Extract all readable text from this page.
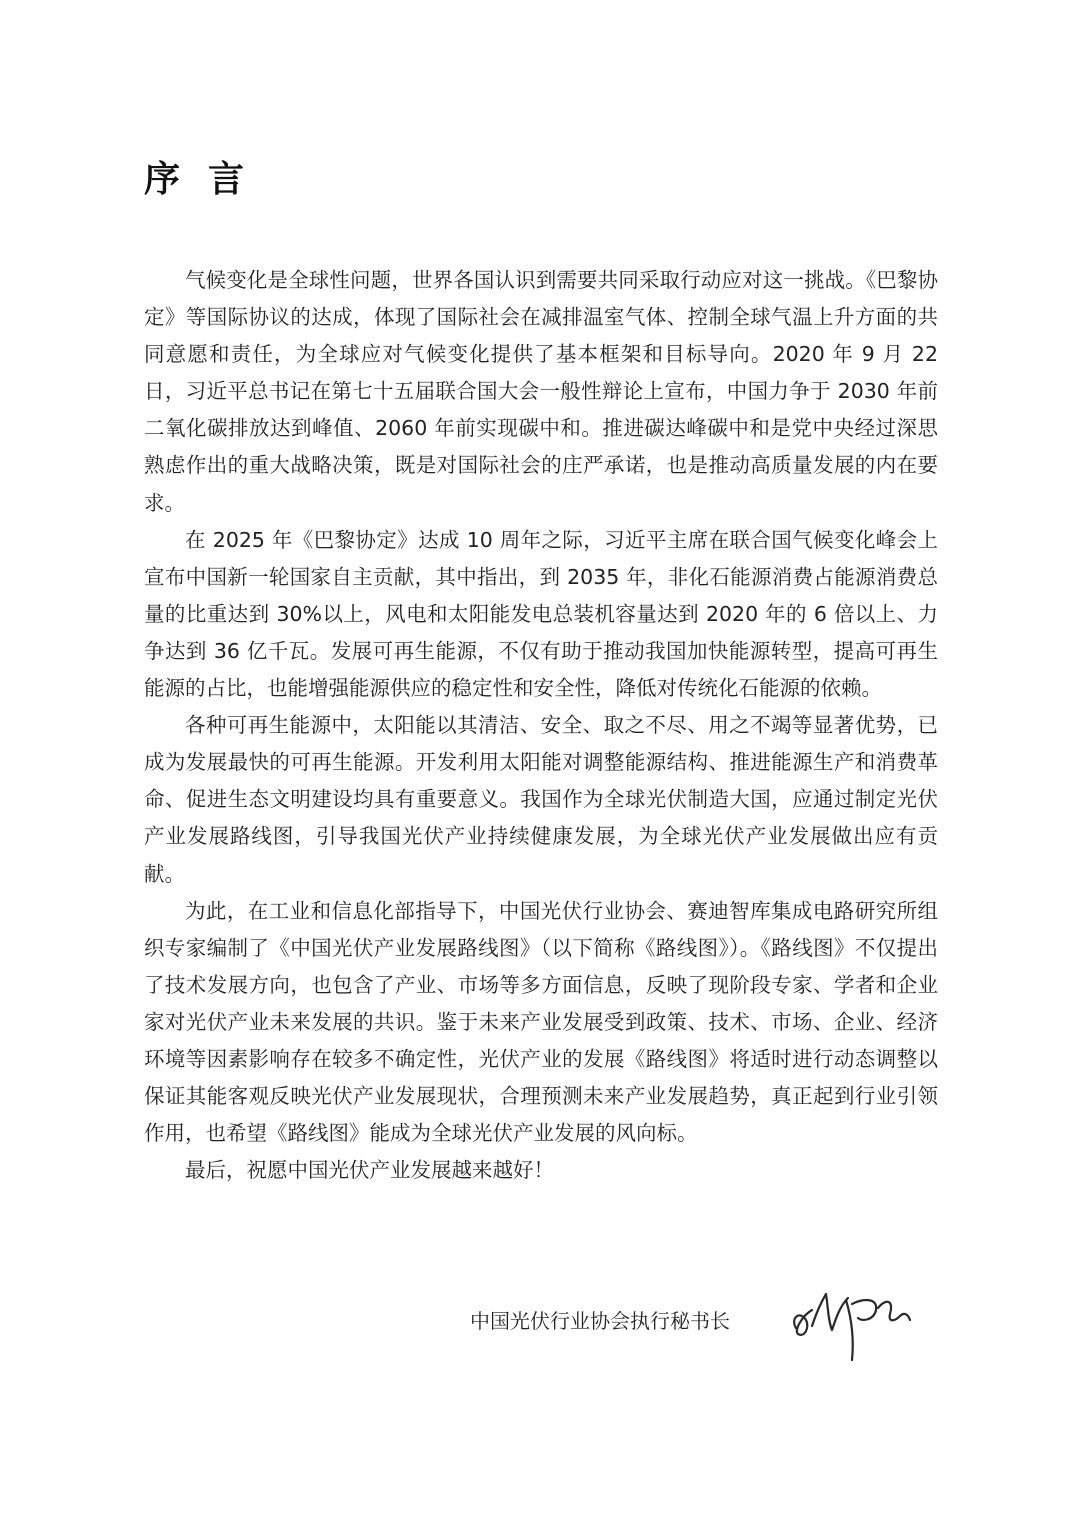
序言

气候变化是全球性问题，世界各国认识到需要共同采取行动应对这一挑战。《巴黎协定》等国际协议的达成，体现了国际社会在减排温室气体、控制全球气温上升方面的共同意愿和责任，为全球应对气候变化提供了基本框架和目标导向。2020 年 9 月 22 日，习近平总书记在第七十五届联合国大会一般性辩论上宣布，中国力争于 2030 年前二氧化碳排放达到峰值、2060 年前实现碳中和。推进碳达峰碳中和是党中央经过深思熟虑作出的重大战略决策，既是对国际社会的庄严承诺，也是推动高质量发展的内在要求。

在 2025 年《巴黎协定》达成 10 周年之际，习近平主席在联合国气候变化峰会上宣布中国新一轮国家自主贡献，其中指出，到 2035 年，非化石能源消费占能源消费总量的比重达到 30%以上，风电和太阳能发电总装机容量达到 2020 年的 6 倍以上、力争达到 36 亿千瓦。发展可再生能源，不仅有助于推动我国加快能源转型，提高可再生能源的占比，也能增强能源供应的稳定性和安全性，降低对传统化石能源的依赖。

各种可再生能源中，太阳能以其清洁、安全、取之不尽、用之不竭等显著优势，已成为发展最快的可再生能源。开发利用太阳能对调整能源结构、推进能源生产和消费革命、促进生态文明建设均具有重要意义。我国作为全球光伏制造大国，应通过制定光伏产业发展路线图，引导我国光伏产业持续健康发展，为全球光伏产业发展做出应有贡献。

为此，在工业和信息化部指导下，中国光伏行业协会、赛迪智库集成电路研究所组织专家编制了《中国光伏产业发展路线图》（以下简称《路线图》）。《路线图》不仅提出了技术发展方向，也包含了产业、市场等多方面信息，反映了现阶段专家、学者和企业家对光伏产业未来发展的共识。鉴于未来产业发展受到政策、技术、市场、企业、经济环境等因素影响存在较多不确定性，光伏产业的发展《路线图》将适时进行动态调整以保证其能客观反映光伏产业发展现状，合理预测未来产业发展趋势，真正起到行业引领作用，也希望《路线图》能成为全球光伏产业发展的风向标。

最后，祝愿中国光伏产业发展越来越好！

中国光伏行业协会执行秘书长
